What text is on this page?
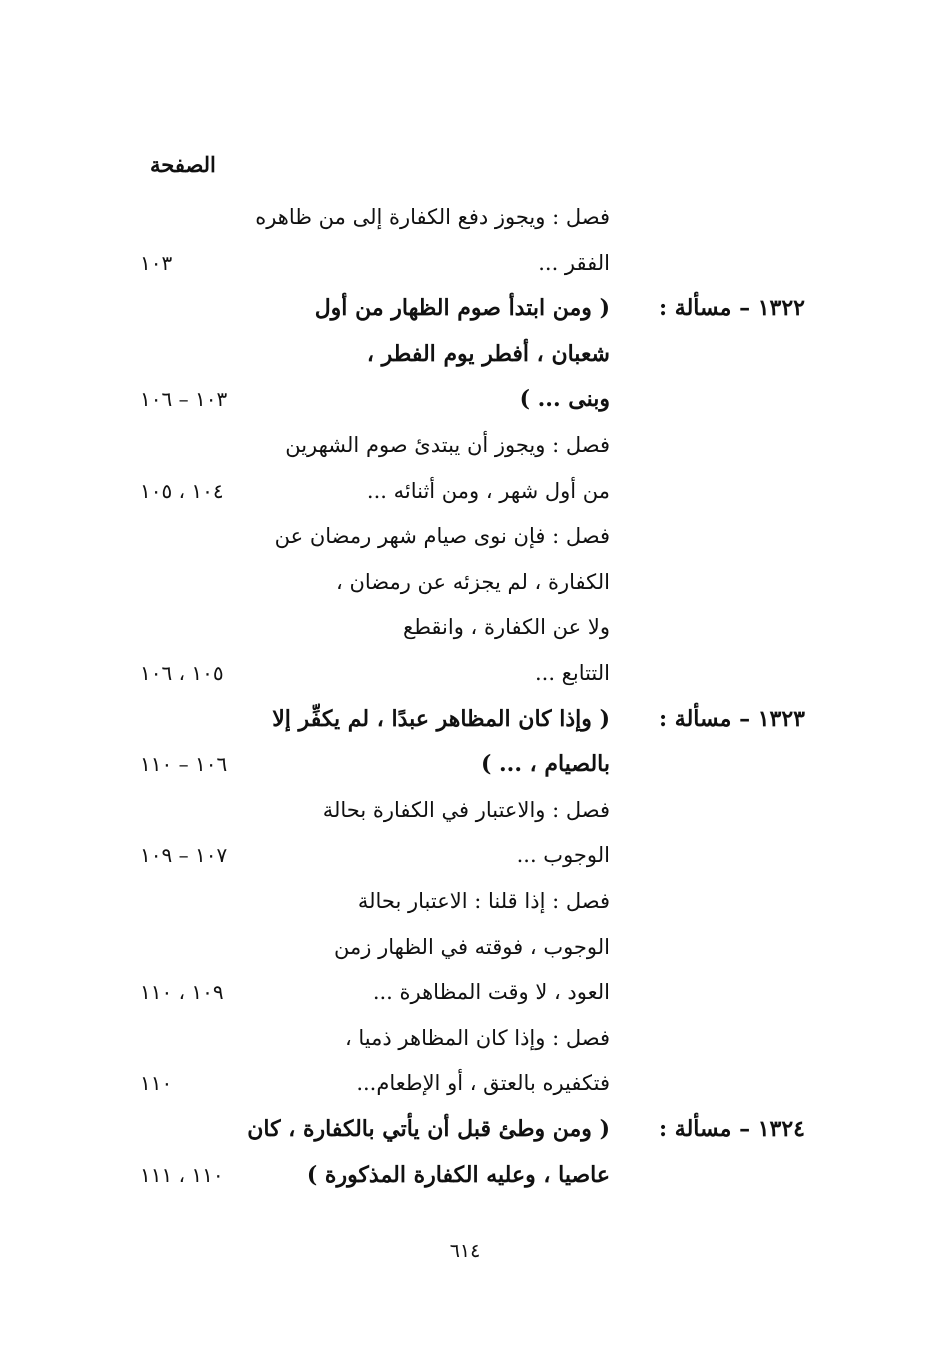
الصفحة
فصل : ويجوز دفع الكفارة إلى من ظاهره
الفقر ...
١٠٣
١٣٢٢ – مسألة :
( ومن ابتدأ صوم الظهار من أول
شعبان ، أفطر يوم الفطر ،
وبنى ... )
١٠٣ – ١٠٦
فصل : ويجوز أن يبتدئ صوم الشهرين
من أول شهر ، ومن أثنائه ...
١٠٤ ، ١٠٥
فصل : فإن نوى صيام شهر رمضان عن
الكفارة ، لم يجزئه عن رمضان ،
ولا عن الكفارة ، وانقطع
التتابع ...
١٠٥ ، ١٠٦
١٣٢٣ – مسألة :
( وإذا كان المظاهر عبدًا ، لم يكفِّر إلا
بالصيام ، ... )
١٠٦ – ١١٠
فصل : والاعتبار في الكفارة بحالة
الوجوب ...
١٠٧ – ١٠٩
فصل : إذا قلنا : الاعتبار بحالة
الوجوب ، فوقته في الظهار زمن
العود ، لا وقت المظاهرة ...
١٠٩ ، ١١٠
فصل : وإذا كان المظاهر ذميا ،
فتكفيره بالعتق ، أو الإطعام...
١١٠
١٣٢٤ – مسألة :
( ومن وطئ قبل أن يأتي بالكفارة ، كان
عاصيا ، وعليه الكفارة المذكورة )
١١٠ ، ١١١
٦١٤
